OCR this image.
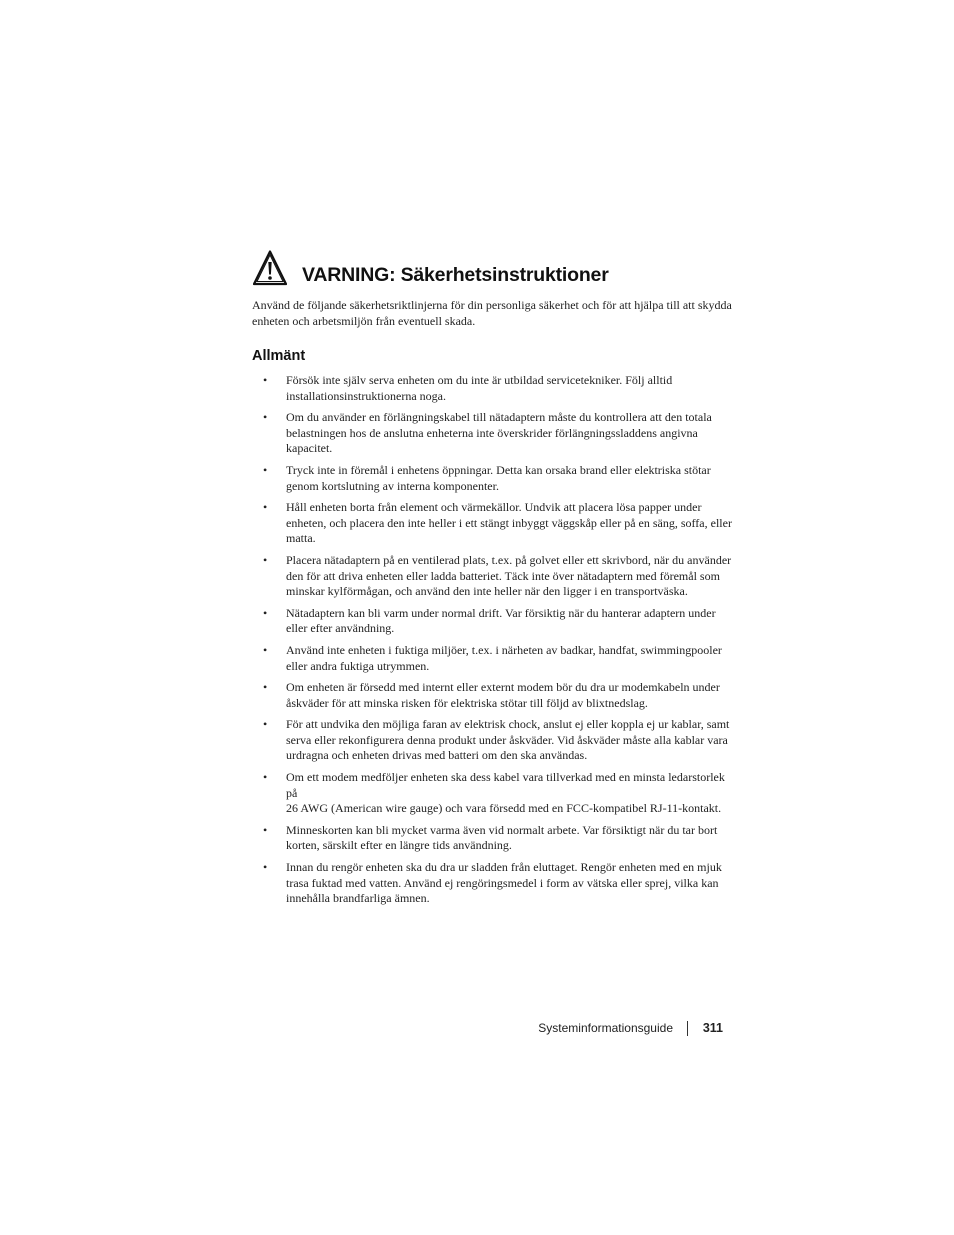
VARNING: Säkerhetsinstruktioner

Använd de följande säkerhetsriktlinjerna för din personliga säkerhet och för att hjälpa till att skydda enheten och arbetsmiljön från eventuell skada.

Allmänt
• Försök inte själv serva enheten om du inte är utbildad servicetekniker. Följ alltid installationsinstruktionerna noga.
• Om du använder en förlängningskabel till nätadaptern måste du kontrollera att den totala belastningen hos de anslutna enheterna inte överskrider förlängningssladdens angivna kapacitet.
• Tryck inte in föremål i enhetens öppningar. Detta kan orsaka brand eller elektriska stötar genom kortslutning av interna komponenter.
• Håll enheten borta från element och värmekällor. Undvik att placera lösa papper under enheten, och placera den inte heller i ett stängt inbyggt väggskåp eller på en säng, soffa, eller matta.
• Placera nätadaptern på en ventilerad plats, t.ex. på golvet eller ett skrivbord, när du använder den för att driva enheten eller ladda batteriet. Täck inte över nätadaptern med föremål som minskar kylförmågan, och använd den inte heller när den ligger i en transportväska.
• Nätadaptern kan bli varm under normal drift. Var försiktig när du hanterar adaptern under eller efter användning.
• Använd inte enheten i fuktiga miljöer, t.ex. i närheten av badkar, handfat, swimmingpooler eller andra fuktiga utrymmen.
• Om enheten är försedd med internt eller externt modem bör du dra ur modemkabeln under åskväder för att minska risken för elektriska stötar till följd av blixtnedslag.
• För att undvika den möjliga faran av elektrisk chock, anslut ej eller koppla ej ur kablar, samt serva eller rekonfigurera denna produkt under åskväder. Vid åskväder måste alla kablar vara urdragna och enheten drivas med batteri om den ska användas.
• Om ett modem medföljer enheten ska dess kabel vara tillverkad med en minsta ledarstorlek på
26 AWG (American wire gauge) och vara försedd med en FCC-kompatibel RJ-11-kontakt.
• Minneskorten kan bli mycket varma även vid normalt arbete. Var försiktigt när du tar bort korten, särskilt efter en längre tids användning.
• Innan du rengör enheten ska du dra ur sladden från eluttaget. Rengör enheten med en mjuk trasa fuktad med vatten. Använd ej rengöringsmedel i form av vätska eller sprej, vilka kan innehålla brandfarliga ämnen.
Systeminformationsguide 311
